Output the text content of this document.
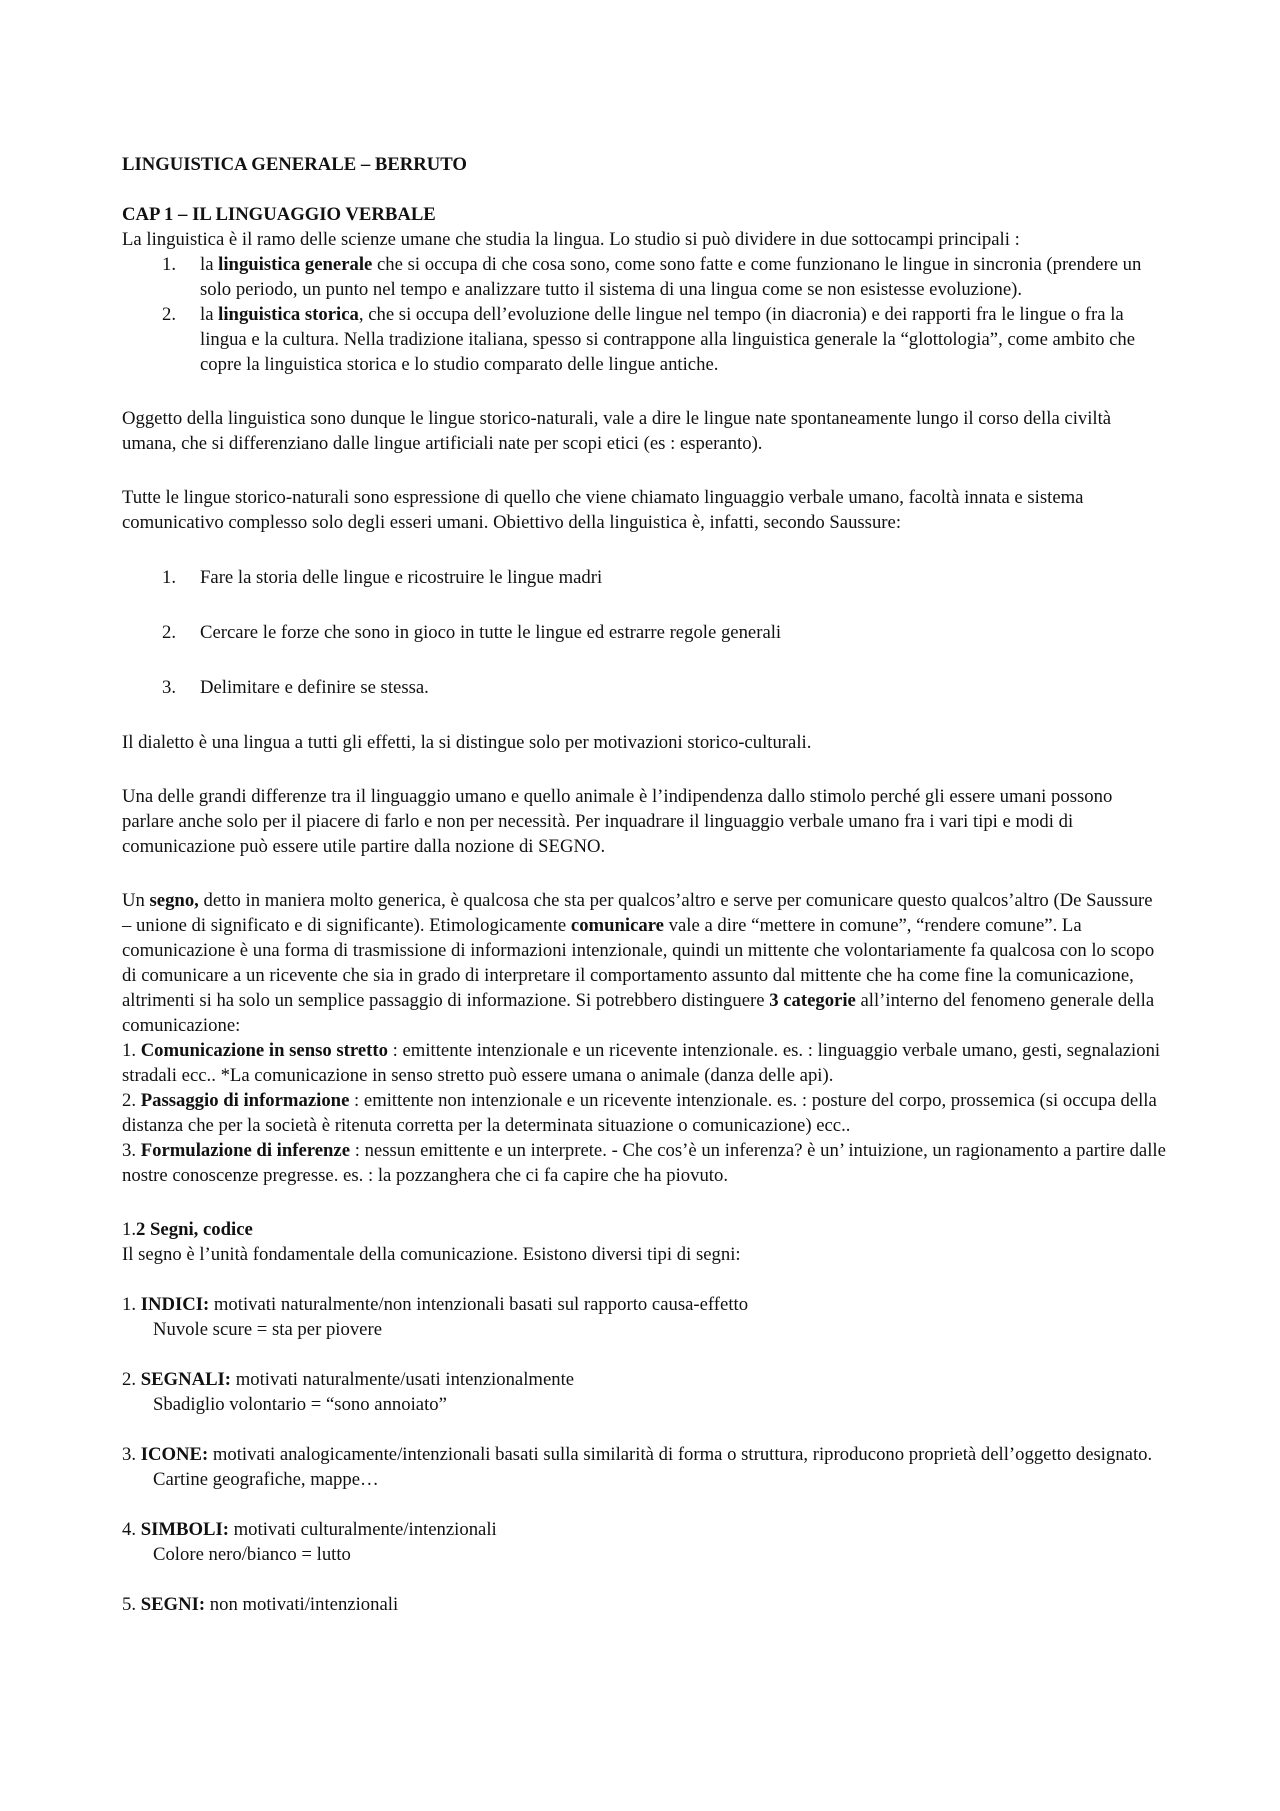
LINGUISTICA GENERALE – BERRUTO

CAP 1 – IL LINGUAGGIO VERBALE

La linguistica è il ramo delle scienze umane che studia la lingua. Lo studio si può dividere in due sottocampi principali :

1. la linguistica generale che si occupa di che cosa sono, come sono fatte e come funzionano le lingue in sincronia (prendere un solo periodo, un punto nel tempo e analizzare tutto il sistema di una lingua come se non esistesse evoluzione).
2. la linguistica storica, che si occupa dell’evoluzione delle lingue nel tempo (in diacronia) e dei rapporti fra le lingue o fra la lingua e la cultura. Nella tradizione italiana, spesso si contrappone alla linguistica generale la “glottologia”, come ambito che copre la linguistica storica e lo studio comparato delle lingue antiche.

Oggetto della linguistica sono dunque le lingue storico-naturali, vale a dire le lingue nate spontaneamente lungo il corso della civiltà umana, che si differenziano dalle lingue artificiali nate per scopi etici (es : esperanto).

Tutte le lingue storico-naturali sono espressione di quello che viene chiamato linguaggio verbale umano, facoltà innata e sistema comunicativo complesso solo degli esseri umani. Obiettivo della linguistica è, infatti, secondo Saussure:

1. Fare la storia delle lingue e ricostruire le lingue madri
2. Cercare le forze che sono in gioco in tutte le lingue ed estrarre regole generali
3. Delimitare e definire se stessa.

Il dialetto è una lingua a tutti gli effetti, la si distingue solo per motivazioni storico-culturali.

Una delle grandi differenze tra il linguaggio umano e quello animale è l’indipendenza dallo stimolo perché gli essere umani possono parlare anche solo per il piacere di farlo e non per necessità. Per inquadrare il linguaggio verbale umano fra i vari tipi e modi di comunicazione può essere utile partire dalla nozione di SEGNO.

Un segno, detto in maniera molto generica, è qualcosa che sta per qualcos’altro e serve per comunicare questo qualcos’altro (De Saussure – unione di significato e di significante). Etimologicamente comunicare vale a dire “mettere in comune”, “rendere comune”. La comunicazione è una forma di trasmissione di informazioni intenzionale, quindi un mittente che volontariamente fa qualcosa con lo scopo di comunicare a un ricevente che sia in grado di interpretare il comportamento assunto dal mittente che ha come fine la comunicazione, altrimenti si ha solo un semplice passaggio di informazione. Si potrebbero distinguere 3 categorie all’interno del fenomeno generale della comunicazione:

1. Comunicazione in senso stretto : emittente intenzionale e un ricevente intenzionale. es. : linguaggio verbale umano, gesti, segnalazioni stradali ecc.. *La comunicazione in senso stretto può essere umana o animale (danza delle api).

2. Passaggio di informazione : emittente non intenzionale e un ricevente intenzionale. es. : posture del corpo, prossemica (si occupa della distanza che per la società è ritenuta corretta per la determinata situazione o comunicazione) ecc..

3. Formulazione di inferenze : nessun emittente e un interprete. - Che cos’è un inferenza? è un’ intuizione, un ragionamento a partire dalle nostre conoscenze pregresse. es. : la pozzanghera che ci fa capire che ha piovuto.

1.2 Segni, codice

Il segno è l’unità fondamentale della comunicazione. Esistono diversi tipi di segni:

1. INDICI: motivati naturalmente/non intenzionali basati sul rapporto causa-effetto

Nuvole scure = sta per piovere

2. SEGNALI: motivati naturalmente/usati intenzionalmente

Sbadiglio volontario = “sono annoiato”

3. ICONE: motivati analogicamente/intenzionali basati sulla similarità di forma o struttura, riproducono proprietà dell’oggetto designato.

Cartine geografiche, mappe…

4. SIMBOLI: motivati culturalmente/intenzionali

Colore nero/bianco = lutto

5. SEGNI: non motivati/intenzionali
